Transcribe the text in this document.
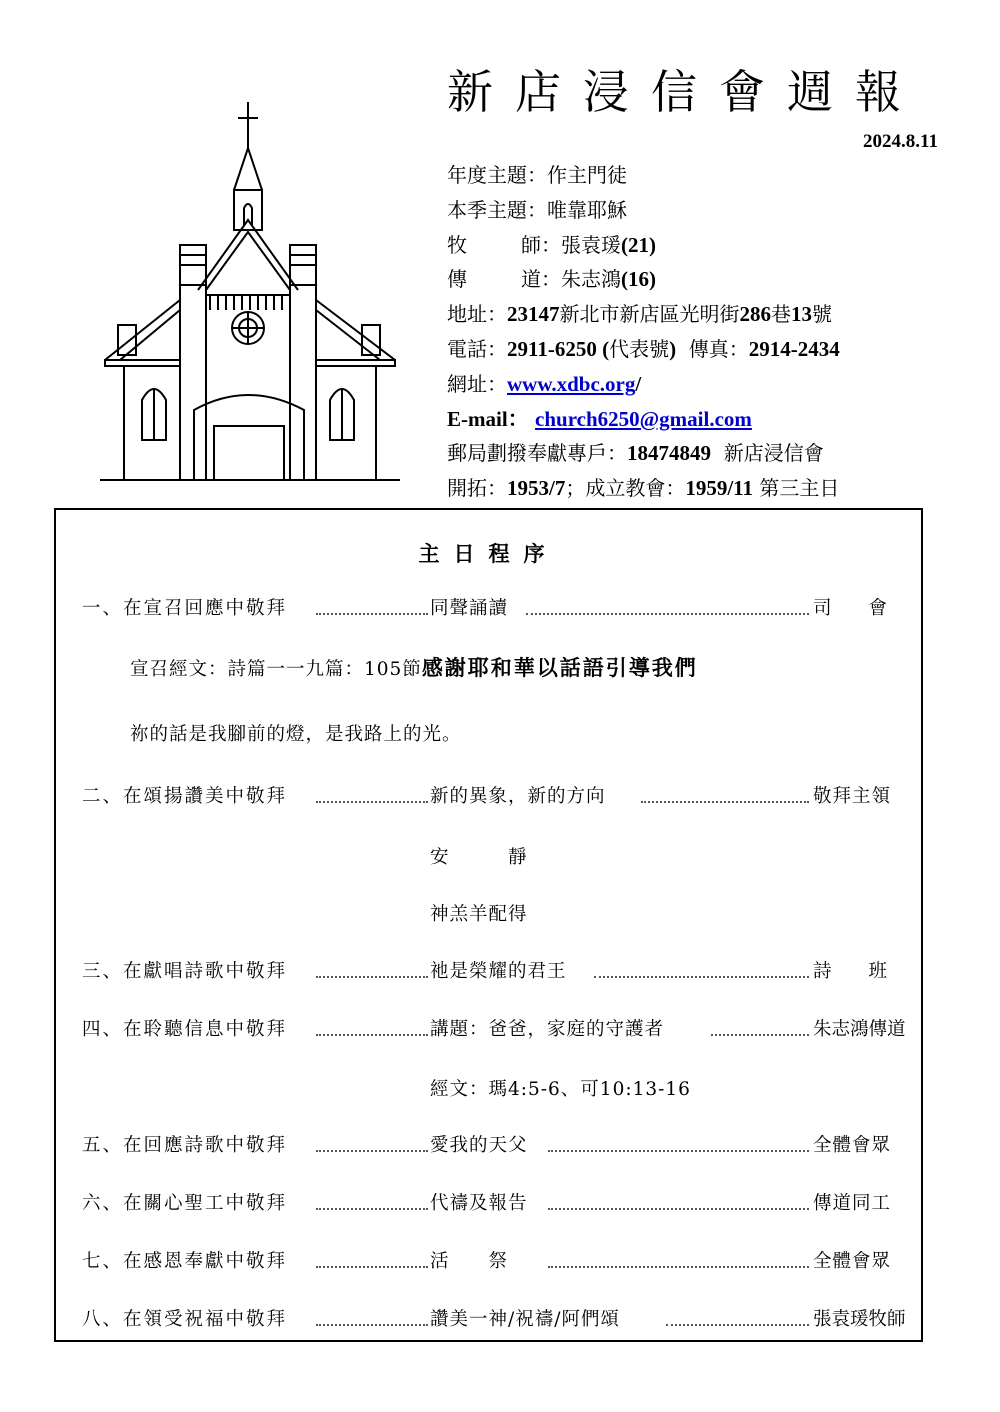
新店浸信會週報
2024.8.11
年度主題：作主門徒
本季主題：唯靠耶穌
牧	師：張袁瑗(21)
傳	道：朱志鴻(16)
地址：23147新北市新店區光明街286巷13號
電話：2911-6250 (代表號) 傳真：2914-2434
網址：www.xdbc.org/
E-mail： church6250@gmail.com
郵局劃撥奉獻專戶：18474849 新店浸信會
開拓：1953/7；成立教會：1959/11 第三主日
主日程序
一、在宣召回應中敬拜	同聲誦讀	司　　會
宣召經文：詩篇一一九篇：105節感謝耶和華以話語引導我們
祢的話是我腳前的燈，是我路上的光。
二、在頌揚讚美中敬拜	新的異象，新的方向	敬拜主領
安　　　靜
神羔羊配得
三、在獻唱詩歌中敬拜	祂是榮耀的君王	詩　　班
四、在聆聽信息中敬拜	講題：爸爸，家庭的守護者	朱志鴻傳道
經文：瑪4:5-6、可10:13-16
五、在回應詩歌中敬拜	愛我的天父	全體會眾
六、在關心聖工中敬拜	代禱及報告	傳道同工
七、在感恩奉獻中敬拜	活　　祭	全體會眾
八、在領受祝福中敬拜	讚美一神/祝禱/阿們頌	張袁瑗牧師
